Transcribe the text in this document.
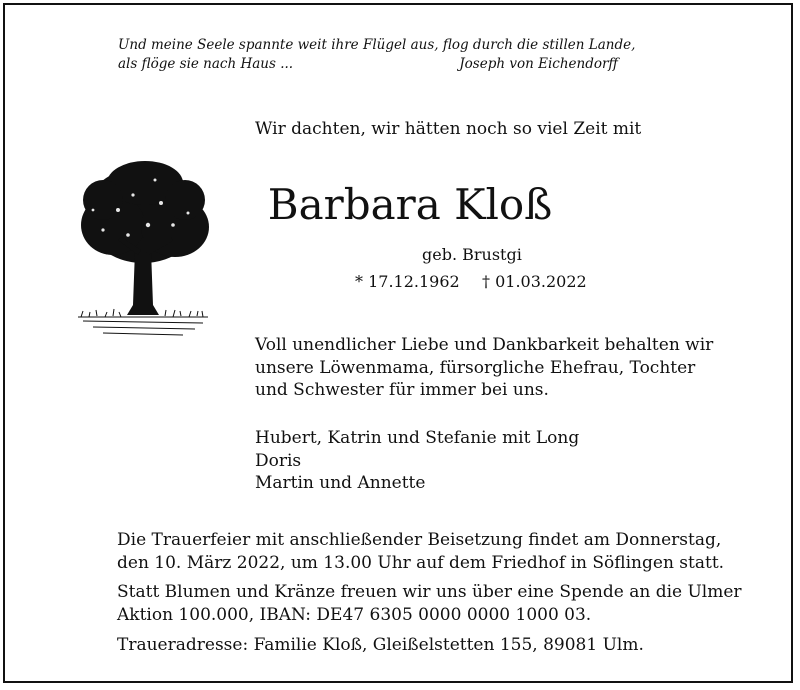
Und meine Seele spannte weit ihre Flügel aus, flog durch die stillen Lande,
als flöge sie nach Haus ...	Joseph von Eichendorff
Wir dachten, wir hätten noch so viel Zeit mit
Barbara Kloß
geb. Brustgi
* 17.12.1962 † 01.03.2022
Voll unendlicher Liebe und Dankbarkeit behalten wir
unsere Löwenmama, fürsorgliche Ehefrau, Tochter
und Schwester für immer bei uns.
Hubert, Katrin und Stefanie mit Long
Doris
Martin und Annette
Die Trauerfeier mit anschließender Beisetzung findet am Donnerstag,
den 10. März 2022, um 13.00 Uhr auf dem Friedhof in Söflingen statt.
Statt Blumen und Kränze freuen wir uns über eine Spende an die Ulmer
Aktion 100.000, IBAN: DE47 6305 0000 0000 1000 03.
Traueradresse: Familie Kloß, Gleißelstetten 155, 89081 Ulm.
